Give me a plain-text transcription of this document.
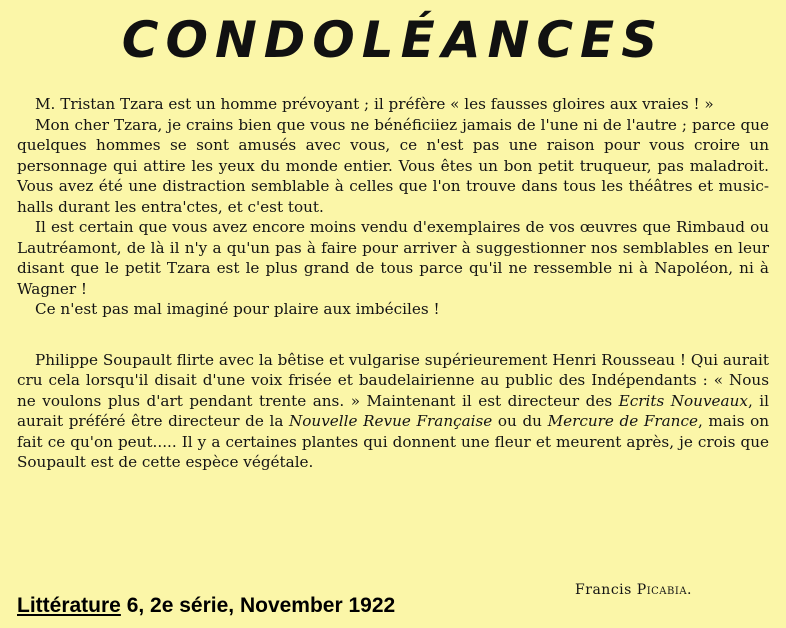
CONDOLÉANCES

M. Tristan Tzara est un homme prévoyant ; il préfère « les fausses gloires aux vraies ! »

Mon cher Tzara, je crains bien que vous ne bénéficiiez jamais de l'une ni de l'autre ; parce que quelques hommes se sont amusés avec vous, ce n'est pas une raison pour vous croire un personnage qui attire les yeux du monde entier. Vous êtes un bon petit truqueur, pas maladroit. Vous avez été une distraction semblable à celles que l'on trouve dans tous les théâtres et music-halls durant les entra'ctes, et c'est tout.

Il est certain que vous avez encore moins vendu d'exemplaires de vos œuvres que Rimbaud ou Lautréamont, de là il n'y a qu'un pas à faire pour arriver à suggestionner nos semblables en leur disant que le petit Tzara est le plus grand de tous parce qu'il ne ressemble ni à Napoléon, ni à Wagner !

Ce n'est pas mal imaginé pour plaire aux imbéciles !

Philippe Soupault flirte avec la bêtise et vulgarise supérieurement Henri Rousseau ! Qui aurait cru cela lorsqu'il disait d'une voix frisée et baudelairienne au public des Indépendants : « Nous ne voulons plus d'art pendant trente ans. » Maintenant il est directeur des Ecrits Nouveaux, il aurait préféré être directeur de la Nouvelle Revue Française ou du Mercure de France, mais on fait ce qu'on peut..... Il y a certaines plantes qui donnent une fleur et meurent après, je crois que Soupault est de cette espèce végétale.

Francis Picabia.

Littérature 6, 2e série, November 1922
